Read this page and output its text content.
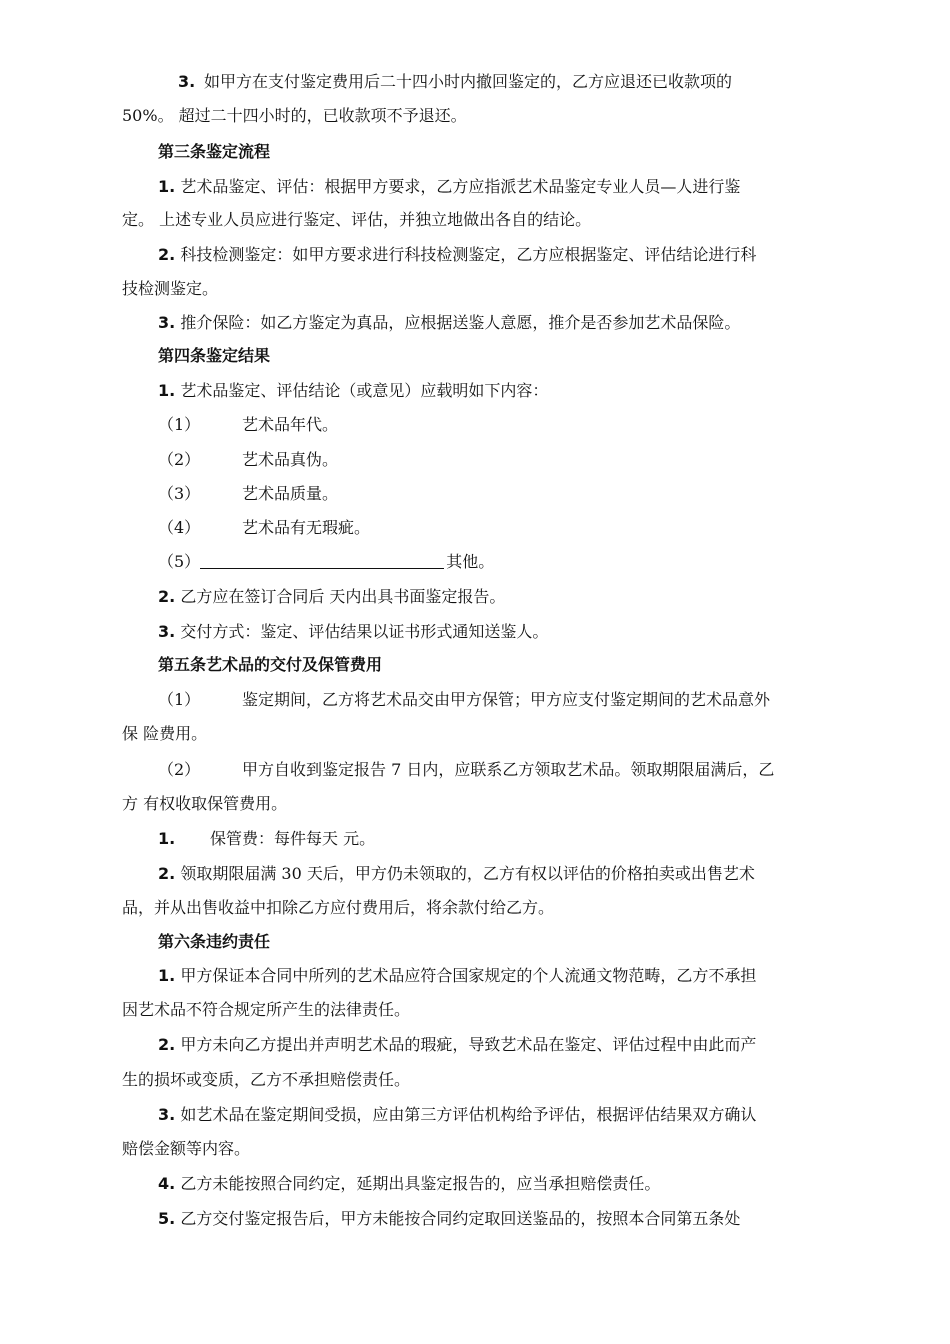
3. 如甲方在支付鉴定费用后二十四小时内撤回鉴定的，乙方应退还已收款项的
50%。 超过二十四小时的，已收款项不予退还。
第三条鉴定流程
1. 艺术品鉴定、评估：根据甲方要求，乙方应指派艺术品鉴定专业人员—人进行鉴
定。 上述专业人员应进行鉴定、评估，并独立地做出各自的结论。
2. 科技检测鉴定：如甲方要求进行科技检测鉴定，乙方应根据鉴定、评估结论进行科
技检测鉴定。
3. 推介保险：如乙方鉴定为真品，应根据送鉴人意愿，推介是否参加艺术品保险。
第四条鉴定结果
1. 艺术品鉴定、评估结论（或意见）应载明如下内容：
（1）	艺术品年代。
（2）	艺术品真伪。
（3）	艺术品质量。
（4）	艺术品有无瑕疵。
（5）	其他。
2. 乙方应在签订合同后 天内出具书面鉴定报告。
3. 交付方式：鉴定、评估结果以证书形式通知送鉴人。
第五条艺术品的交付及保管费用
（1）	鉴定期间，乙方将艺术品交由甲方保管；甲方应支付鉴定期间的艺术品意外
保 险费用。
（2）	甲方自收到鉴定报告 7 日内，应联系乙方领取艺术品。领取期限届满后，乙
方 有权收取保管费用。
1. 保管费：每件每天 元。
2. 领取期限届满 30 天后，甲方仍未领取的，乙方有权以评估的价格拍卖或出售艺术
品，并从出售收益中扣除乙方应付费用后，将余款付给乙方。
第六条违约责任
1. 甲方保证本合同中所列的艺术品应符合国家规定的个人流通文物范畴，乙方不承担
因艺术品不符合规定所产生的法律责任。
2. 甲方未向乙方提出并声明艺术品的瑕疵，导致艺术品在鉴定、评估过程中由此而产
生的损坏或变质，乙方不承担赔偿责任。
3. 如艺术品在鉴定期间受损，应由第三方评估机构给予评估，根据评估结果双方确认
赔偿金额等内容。
4. 乙方未能按照合同约定，延期出具鉴定报告的，应当承担赔偿责任。
5. 乙方交付鉴定报告后，甲方未能按合同约定取回送鉴品的，按照本合同第五条处
